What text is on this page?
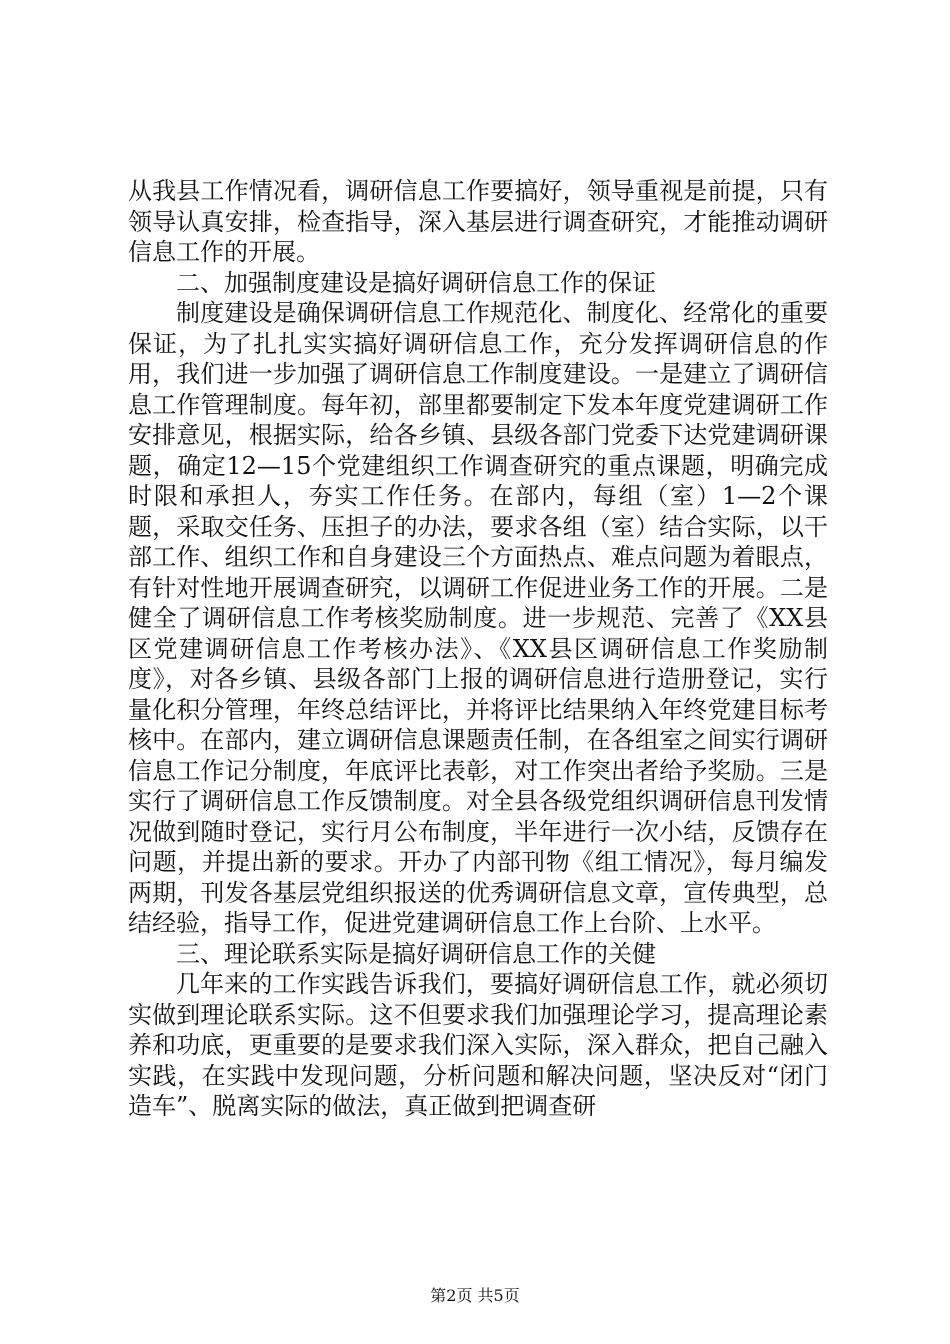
从我县工作情况看，调研信息工作要搞好，领导重视是前提，只有领导认真安排，检查指导，深入基层进行调查研究，才能推动调研信息工作的开展。

二、加强制度建设是搞好调研信息工作的保证

制度建设是确保调研信息工作规范化、制度化、经常化的重要保证，为了扎扎实实搞好调研信息工作，充分发挥调研信息的作用，我们进一步加强了调研信息工作制度建设。一是建立了调研信息工作管理制度。每年初，部里都要制定下发本年度党建调研工作安排意见，根据实际，给各乡镇、县级各部门党委下达党建调研课题，确定12—15个党建组织工作调查研究的重点课题，明确完成时限和承担人，夯实工作任务。在部内，每组（室）1—2个课题，采取交任务、压担子的办法，要求各组（室）结合实际，以干部工作、组织工作和自身建设三个方面热点、难点问题为着眼点，有针对性地开展调查研究，以调研工作促进业务工作的开展。二是健全了调研信息工作考核奖励制度。进一步规范、完善了《XX县区党建调研信息工作考核办法》、《XX县区调研信息工作奖励制度》，对各乡镇、县级各部门上报的调研信息进行造册登记，实行量化积分管理，年终总结评比，并将评比结果纳入年终党建目标考核中。在部内，建立调研信息课题责任制，在各组室之间实行调研信息工作记分制度，年底评比表彰，对工作突出者给予奖励。三是实行了调研信息工作反馈制度。对全县各级党组织调研信息刊发情况做到随时登记，实行月公布制度，半年进行一次小结，反馈存在问题，并提出新的要求。开办了内部刊物《组工情况》，每月编发两期，刊发各基层党组织报送的优秀调研信息文章，宣传典型，总结经验，指导工作，促进党建调研信息工作上台阶、上水平。

三、理论联系实际是搞好调研信息工作的关健

几年来的工作实践告诉我们，要搞好调研信息工作，就必须切实做到理论联系实际。这不但要求我们加强理论学习，提高理论素养和功底，更重要的是要求我们深入实际，深入群众，把自己融入实践，在实践中发现问题，分析问题和解决问题，坚决反对“闭门造车”、脱离实际的做法，真正做到把调查研

第2页 共5页
